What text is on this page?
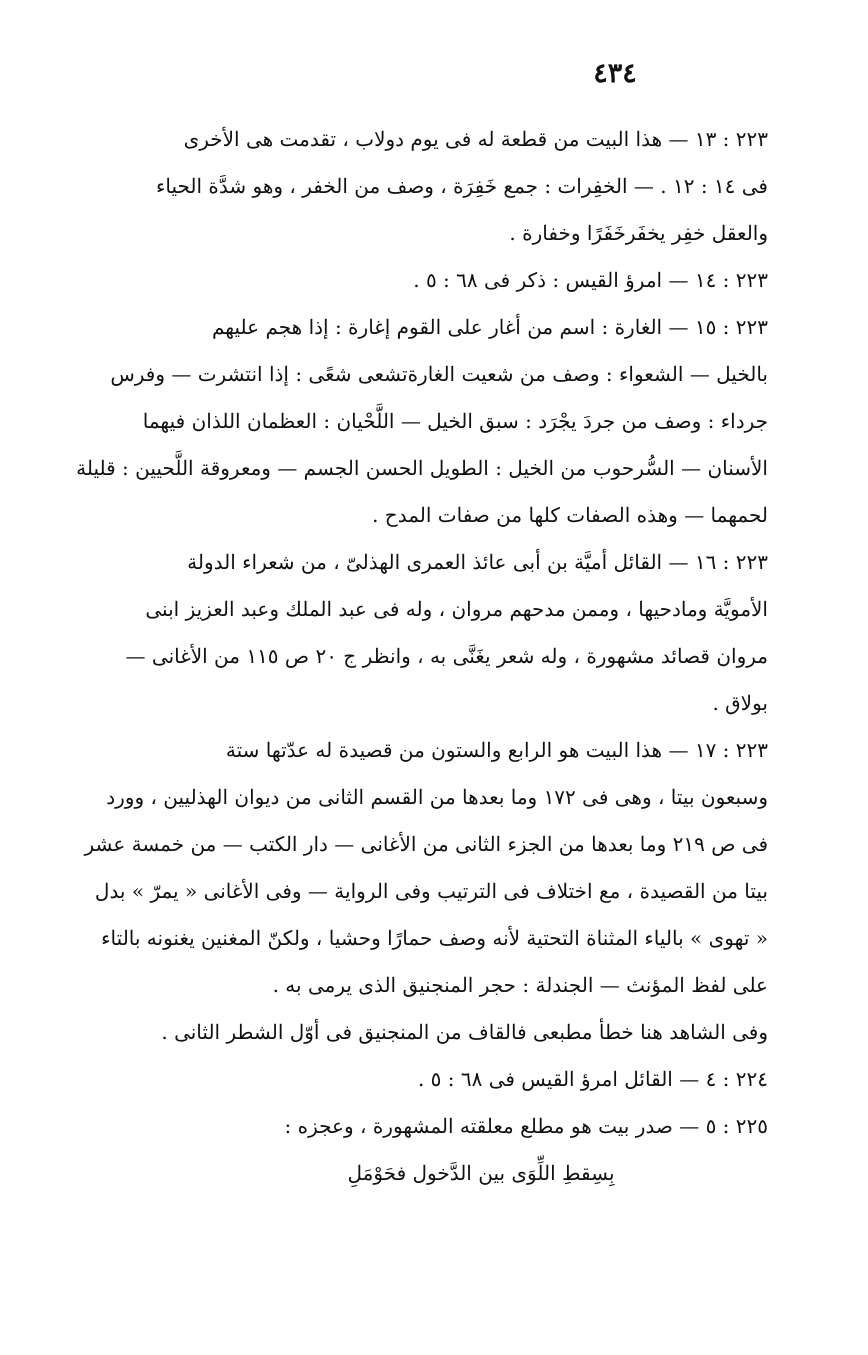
٤٣٤

٢٢٣ : ١٣ — هذا البيت من قطعة له فى يوم دولاب ، تقدمت هى الأخرى
فى ١٤ : ١٢ . — الخفِرات : جمع خَفِرَة ، وصف من الخفر ، وهو شدَّة الحياء
والعقل خفِر يخفَرخَفَرًا وخفارة .

٢٢٣ : ١٤ — امرؤ القيس : ذكر فى ٦٨ : ٥ .

٢٢٣ : ١٥ — الغارة : اسم من أغار على القوم إغارة : إذا هجم عليهم
بالخيل — الشعواء : وصف من شعيت الغارةتشعى شعًى : إذا انتشرت — وفرس
جرداء : وصف من جردَ يجْرَد : سبق الخيل — اللَّحْيان : العظمان اللذان فيهما
الأسنان — السُّرحوب من الخيل : الطويل الحسن الجسم — ومعروقة اللَّحيين : قليلة
لحمهما — وهذه الصفات كلها من صفات المدح .

٢٢٣ : ١٦ — القائل أميَّة بن أبى عائذ العمرى الهذلىّ ، من شعراء الدولة
الأمويَّة ومادحيها ، وممن مدحهم مروان ، وله فى عبد الملك وعبد العزيز ابنى
مروان قصائد مشهورة ، وله شعر يغَنَّى به ، وانظر ج ٢٠ ص ١١٥ من الأغانى —
بولاق .

٢٢٣ : ١٧ — هذا البيت هو الرابع والستون من قصيدة له عدّتها ستة
وسبعون بيتا ، وهى فى ١٧٢ وما بعدها من القسم الثانى من ديوان الهذليين ، وورد
فى ص ٢١٩ وما بعدها من الجزء الثانى من الأغانى — دار الكتب — من خمسة عشر
بيتا من القصيدة ، مع اختلاف فى الترتيب وفى الرواية — وفى الأغانى « يمرّ » بدل
« تهوى » بالياء المثناة التحتية لأنه وصف حمارًا وحشيا ، ولكنّ المغنين يغنونه بالتاء
على لفظ المؤنث — الجندلة : حجر المنجنيق الذى يرمى به .

وفى الشاهد هنا خطأ مطبعى فالقاف من المنجنيق فى أوّل الشطر الثانى .

٢٢٤ : ٤ — القائل امرؤ القيس فى ٦٨ : ٥ .

٢٢٥ : ٥ — صدر بيت هو مطلع معلقته المشهورة ، وعجزه :

بِسِقطِ اللِّوَى بين الدَّخول فحَوْمَلِ
